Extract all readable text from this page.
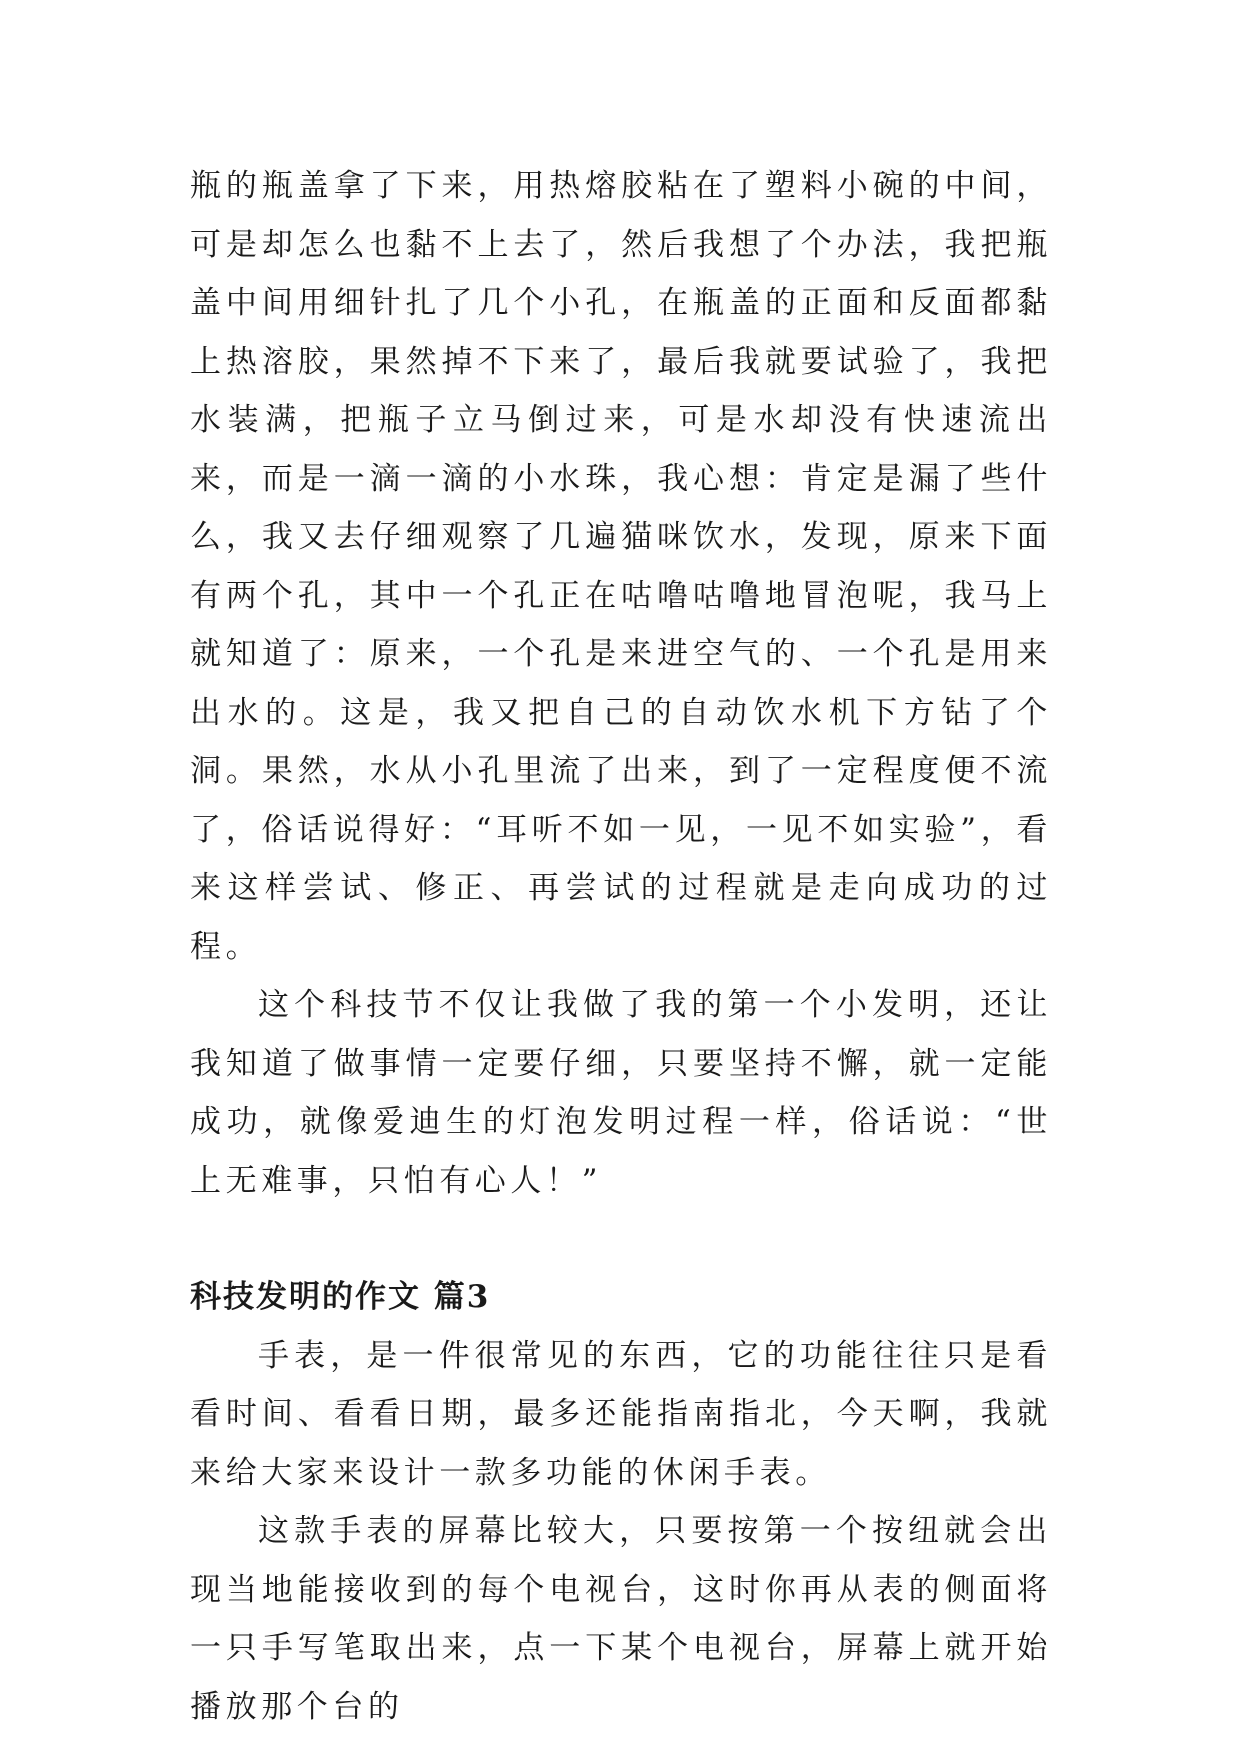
瓶的瓶盖拿了下来，用热熔胶粘在了塑料小碗的中间，可是却怎么也黏不上去了，然后我想了个办法，我把瓶盖中间用细针扎了几个小孔，在瓶盖的正面和反面都黏上热溶胶，果然掉不下来了，最后我就要试验了，我把水装满，把瓶子立马倒过来，可是水却没有快速流出来，而是一滴一滴的小水珠，我心想：肯定是漏了些什么，我又去仔细观察了几遍猫咪饮水，发现，原来下面有两个孔，其中一个孔正在咕噜咕噜地冒泡呢，我马上就知道了：原来，一个孔是来进空气的、一个孔是用来出水的。这是，我又把自己的自动饮水机下方钻了个洞。果然，水从小孔里流了出来，到了一定程度便不流了，俗话说得好：“耳听不如一见，一见不如实验”，看来这样尝试、修正、再尝试的过程就是走向成功的过程。

这个科技节不仅让我做了我的第一个小发明，还让我知道了做事情一定要仔细，只要坚持不懈，就一定能成功，就像爱迪生的灯泡发明过程一样，俗话说：“世上无难事，只怕有心人！”

科技发明的作文 篇3

手表，是一件很常见的东西，它的功能往往只是看看时间、看看日期，最多还能指南指北，今天啊，我就来给大家来设计一款多功能的休闲手表。

这款手表的屏幕比较大，只要按第一个按纽就会出现当地能接收到的每个电视台，这时你再从表的侧面将一只手写笔取出来，点一下某个电视台，屏幕上就开始播放那个台的
